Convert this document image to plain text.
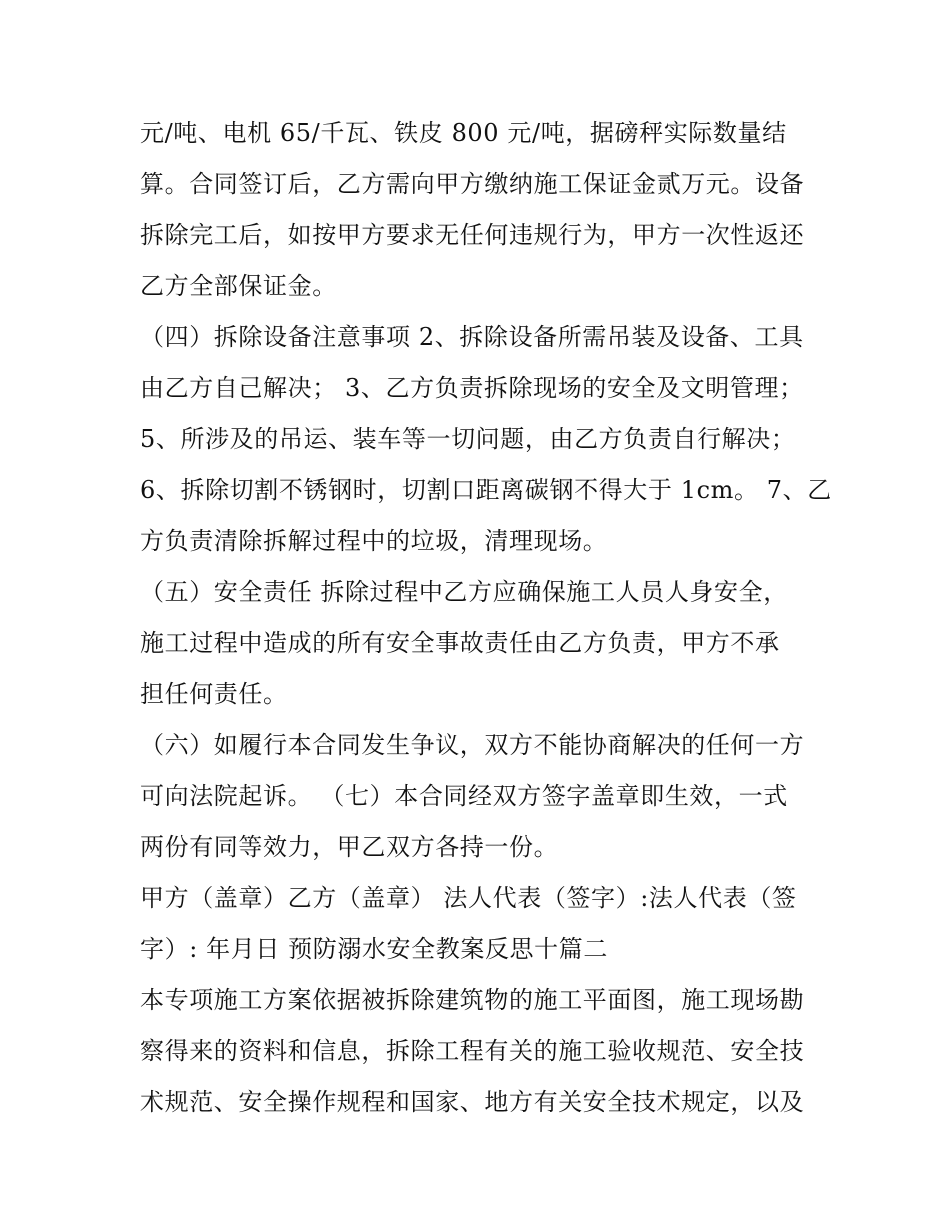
元/吨、电机 65/千瓦、铁皮 800 元/吨，据磅秤实际数量结
算。合同签订后，乙方需向甲方缴纳施工保证金贰万元。设备
拆除完工后，如按甲方要求无任何违规行为，甲方一次性返还
乙方全部保证金。
（四）拆除设备注意事项 2、拆除设备所需吊装及设备、工具
由乙方自己解决； 3、乙方负责拆除现场的安全及文明管理；
5、所涉及的吊运、装车等一切问题，由乙方负责自行解决；
6、拆除切割不锈钢时，切割口距离碳钢不得大于 1cm。 7、乙
方负责清除拆解过程中的垃圾，清理现场。
（五）安全责任 拆除过程中乙方应确保施工人员人身安全，
施工过程中造成的所有安全事故责任由乙方负责，甲方不承
担任何责任。
（六）如履行本合同发生争议，双方不能协商解决的任何一方
可向法院起诉。 （七）本合同经双方签字盖章即生效，一式
两份有同等效力，甲乙双方各持一份。
甲方（盖章）乙方（盖章） 法人代表（签字）:法人代表（签
字）: 年月日 预防溺水安全教案反思十篇二
本专项施工方案依据被拆除建筑物的施工平面图，施工现场勘
察得来的资料和信息，拆除工程有关的施工验收规范、安全技
术规范、安全操作规程和国家、地方有关安全技术规定，以及
